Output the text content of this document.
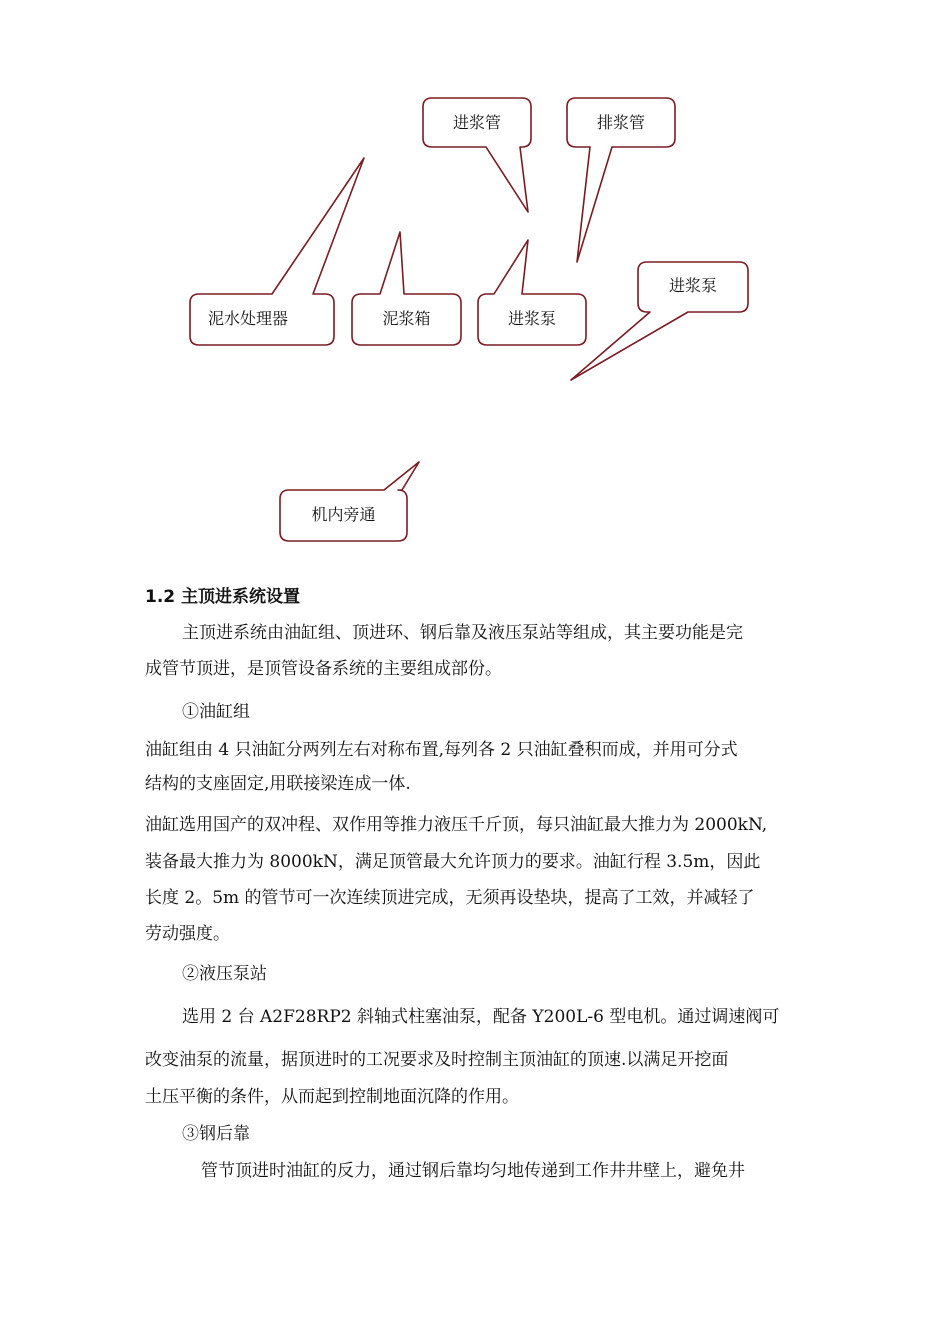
进浆管	排浆管
泥水处理器	泥浆箱	进浆泵
进浆泵
机内旁通
1.2 主顶进系统设置
主顶进系统由油缸组、顶进环、钢后靠及液压泵站等组成，其主要功能是完
成管节顶进，是顶管设备系统的主要组成部份。
①油缸组
油缸组由 4 只油缸分两列左右对称布置,每列各 2 只油缸叠积而成，并用可分式
结构的支座固定,用联接梁连成一体.
油缸选用国产的双冲程、双作用等推力液压千斤顶，每只油缸最大推力为 2000kN,
装备最大推力为 8000kN，满足顶管最大允许顶力的要求。油缸行程 3.5m，因此
长度 2。5m 的管节可一次连续顶进完成，无须再设垫块，提高了工效，并减轻了
劳动强度。
②液压泵站
选用 2 台 A2F28RP2 斜轴式柱塞油泵，配备 Y200L-6 型电机。通过调速阀可
改变油泵的流量，据顶进时的工况要求及时控制主顶油缸的顶速.以满足开挖面
土压平衡的条件，从而起到控制地面沉降的作用。
③钢后靠
管节顶进时油缸的反力，通过钢后靠均匀地传递到工作井井壁上，避免井
